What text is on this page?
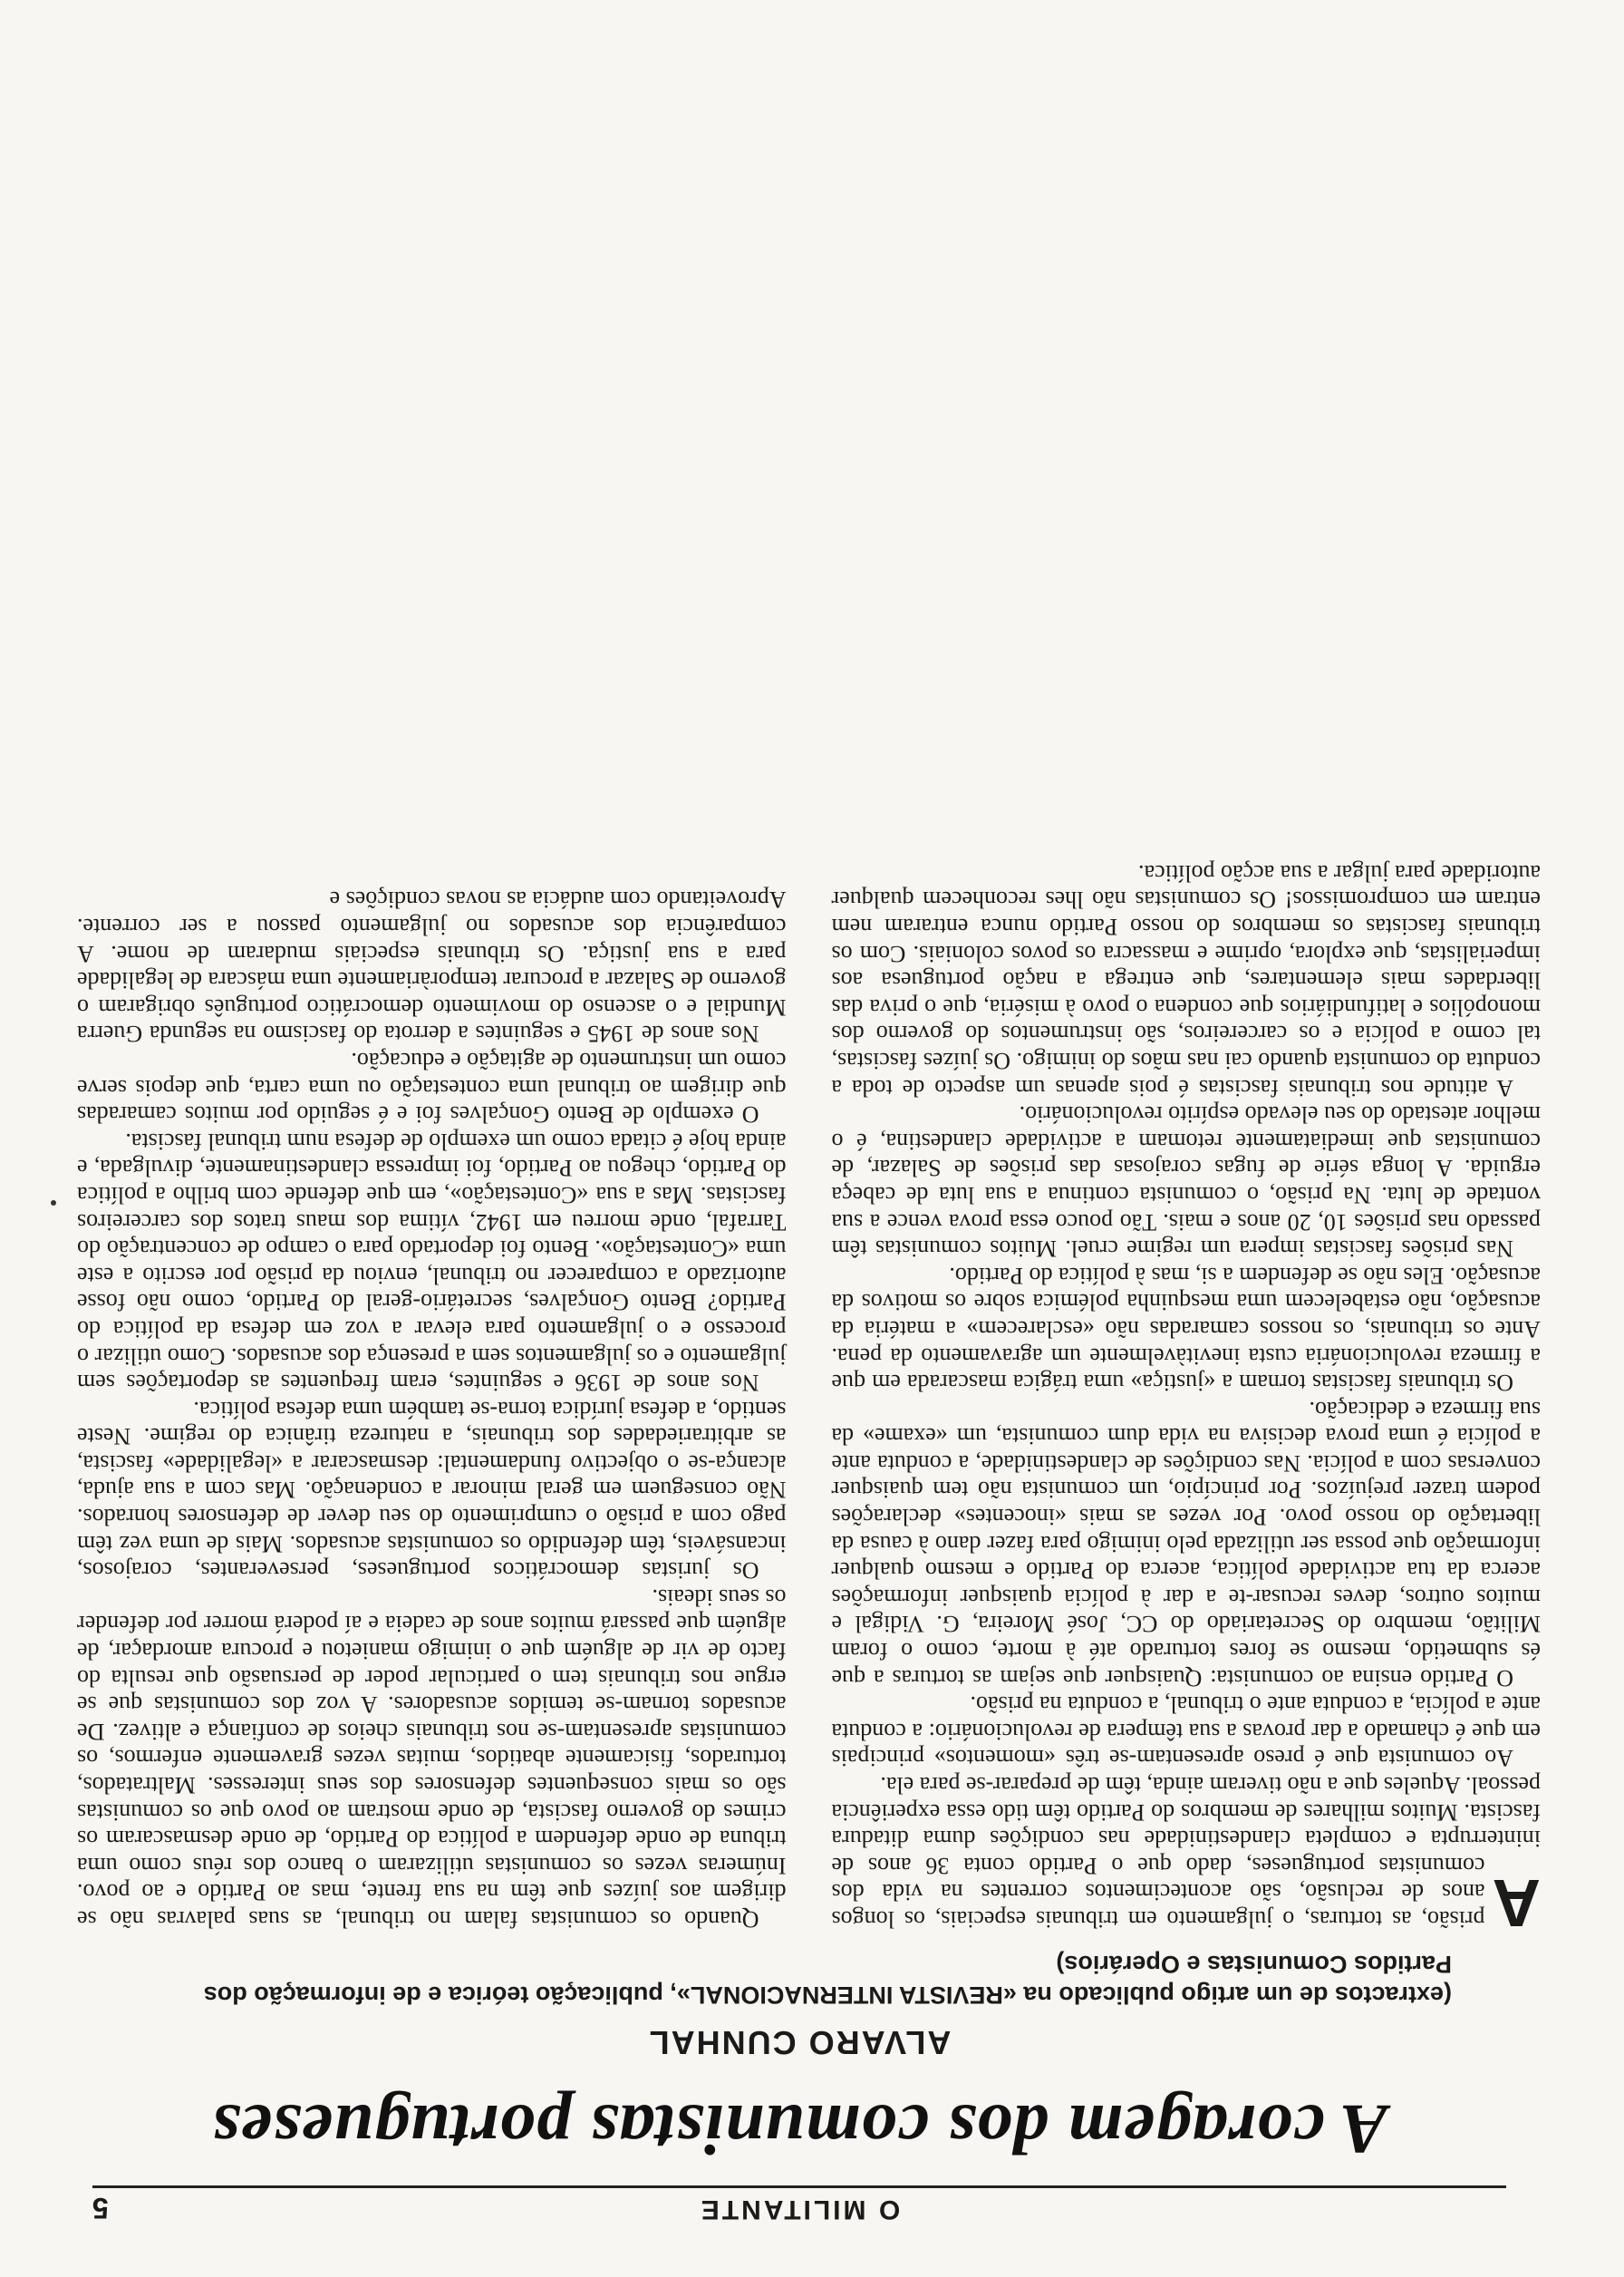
O MILITANTE
5
A coragem dos comunistas portugueses
ALVARO CUNHAL
(extractos de um artigo publicado na «REVISTA INTERNACIONAL», publicação teórica e de informação dos Partidos Comunistas e Operários)

A
prisão, as torturas, o julgamento em tribunais especiais, os longos anos de reclusão, são acontecimentos correntes na vida dos comunistas portugueses, dado que o Partido conta 36 anos de ininterrupta e completa clandestinidade nas condições duma ditadura fascista. Muitos milhares de membros do Partido têm tido essa experiência pessoal. Aqueles que a não tiveram ainda, têm de preparar-se para ela.

Ao comunista que é preso apresentam-se três «momentos» principais em que é chamado a dar provas a sua têmpera de revolucionário: a conduta ante a polícia, a conduta ante o tribunal, a conduta na prisão.

O Partido ensina ao comunista: Quaisquer que sejam as torturas a que és submetido, mesmo se fores torturado até à morte, como o foram Militão, membro do Secretariado do CC, José Moreira, G. Vidigal e muitos outros, deves recusar-te a dar à polícia quaisquer informações acerca da tua actividade política, acerca do Partido e mesmo qualquer informação que possa ser utilizada pelo inimigo para fazer dano à causa da libertação do nosso povo. Por vezes as mais «inocentes» declarações podem trazer prejuízos. Por princípio, um comunista não tem quaisquer conversas com a polícia. Nas condições de clandestinidade, a conduta ante a polícia é uma prova decisiva na vida dum comunista, um «exame» da sua firmeza e dedicação.

Os tribunais fascistas tornam a «justiça» uma trágica mascarada em que a firmeza revolucionária custa inevitàvelmente um agravamento da pena. Ante os tribunais, os nossos camaradas não «esclarecem» a matéria da acusação, não estabelecem uma mesquinha polémica sobre os motivos da acusação. Eles não se defendem a si, mas à política do Partido.

Nas prisões fascistas impera um regime cruel. Muitos comunistas têm passado nas prisões 10, 20 anos e mais. Tão pouco essa prova vence a sua vontade de luta. Na prisão, o comunista continua a sua luta de cabeça erguida. A longa série de fugas corajosas das prisões de Salazar, de comunistas que imediatamente retomam a actividade clandestina, é o melhor atestado do seu elevado espírito revolucionário.

A atitude nos tribunais fascistas é pois apenas um aspecto de toda a conduta do comunista quando cai nas mãos do inimigo. Os juízes fascistas, tal como a polícia e os carcereiros, são instrumentos do governo dos monopólios e latifundiários que condena o povo à miséria, que o priva das liberdades mais elementares, que entrega a nação portuguesa aos imperialistas, que explora, oprime e massacra os povos coloniais. Com os tribunais fascistas os membros do nosso Partido nunca entraram nem entram em compromissos! Os comunistas não lhes reconhecem qualquer autoridade para julgar a sua acção política.

Quando os comunistas falam no tribunal, as suas palavras não se dirigem aos juízes que têm na sua frente, mas ao Partido e ao povo. Inúmeras vezes os comunistas utilizaram o banco dos réus como uma tribuna de onde defendem a política do Partido, de onde desmascaram os crimes do governo fascista, de onde mostram ao povo que os comunistas são os mais consequentes defensores dos seus interesses. Maltratados, torturados, fisicamente abatidos, muitas vezes gravemente enfermos, os comunistas apresentam-se nos tribunais cheios de confiança e altivez. De acusados tornam-se temidos acusadores. A voz dos comunistas que se ergue nos tribunais tem o particular poder de persuasão que resulta do facto de vir de alguém que o inimigo manietou e procura amordaçar, de alguém que passará muitos anos de cadeia e aí poderá morrer por defender os seus ideais.

Os juristas democráticos portugueses, perseverantes, corajosos, incansáveis, têm defendido os comunistas acusados. Mais de uma vez têm pago com a prisão o cumprimento do seu dever de defensores honrados. Não conseguem em geral minorar a condenação. Mas com a sua ajuda, alcança-se o objectivo fundamental: desmascarar a «legalidade» fascista, as arbitrariedades dos tribunais, a natureza tirânica do regime. Neste sentido, a defesa jurídica torna-se também uma defesa política.

Nos anos de 1936 e seguintes, eram frequentes as deportações sem julgamento e os julgamentos sem a presença dos acusados. Como utilizar o processo e o julgamento para elevar a voz em defesa da política do Partido? Bento Gonçalves, secretário-geral do Partido, como não fosse autorizado a comparecer no tribunal, enviou da prisão por escrito a este uma «Contestação». Bento foi deportado para o campo de concentração do Tarrafal, onde morreu em 1942, vítima dos maus tratos dos carcereiros fascistas. Mas a sua «Contestação», em que defende com brilho a política do Partido, chegou ao Partido, foi impressa clandestinamente, divulgada, e ainda hoje é citada como um exemplo de defesa num tribunal fascista.

O exemplo de Bento Gonçalves foi e é seguido por muitos camaradas que dirigem ao tribunal uma contestação ou uma carta, que depois serve como um instrumento de agitação e educação.

Nos anos de 1945 e seguintes a derrota do fascismo na segunda Guerra Mundial e o ascenso do movimento democrático português obrigaram o governo de Salazar a procurar temporàriamente uma máscara de legalidade para a sua justiça. Os tribunais especiais mudaram de nome. A comparência dos acusados no julgamento passou a ser corrente. Aproveitando com audácia as novas condições e
